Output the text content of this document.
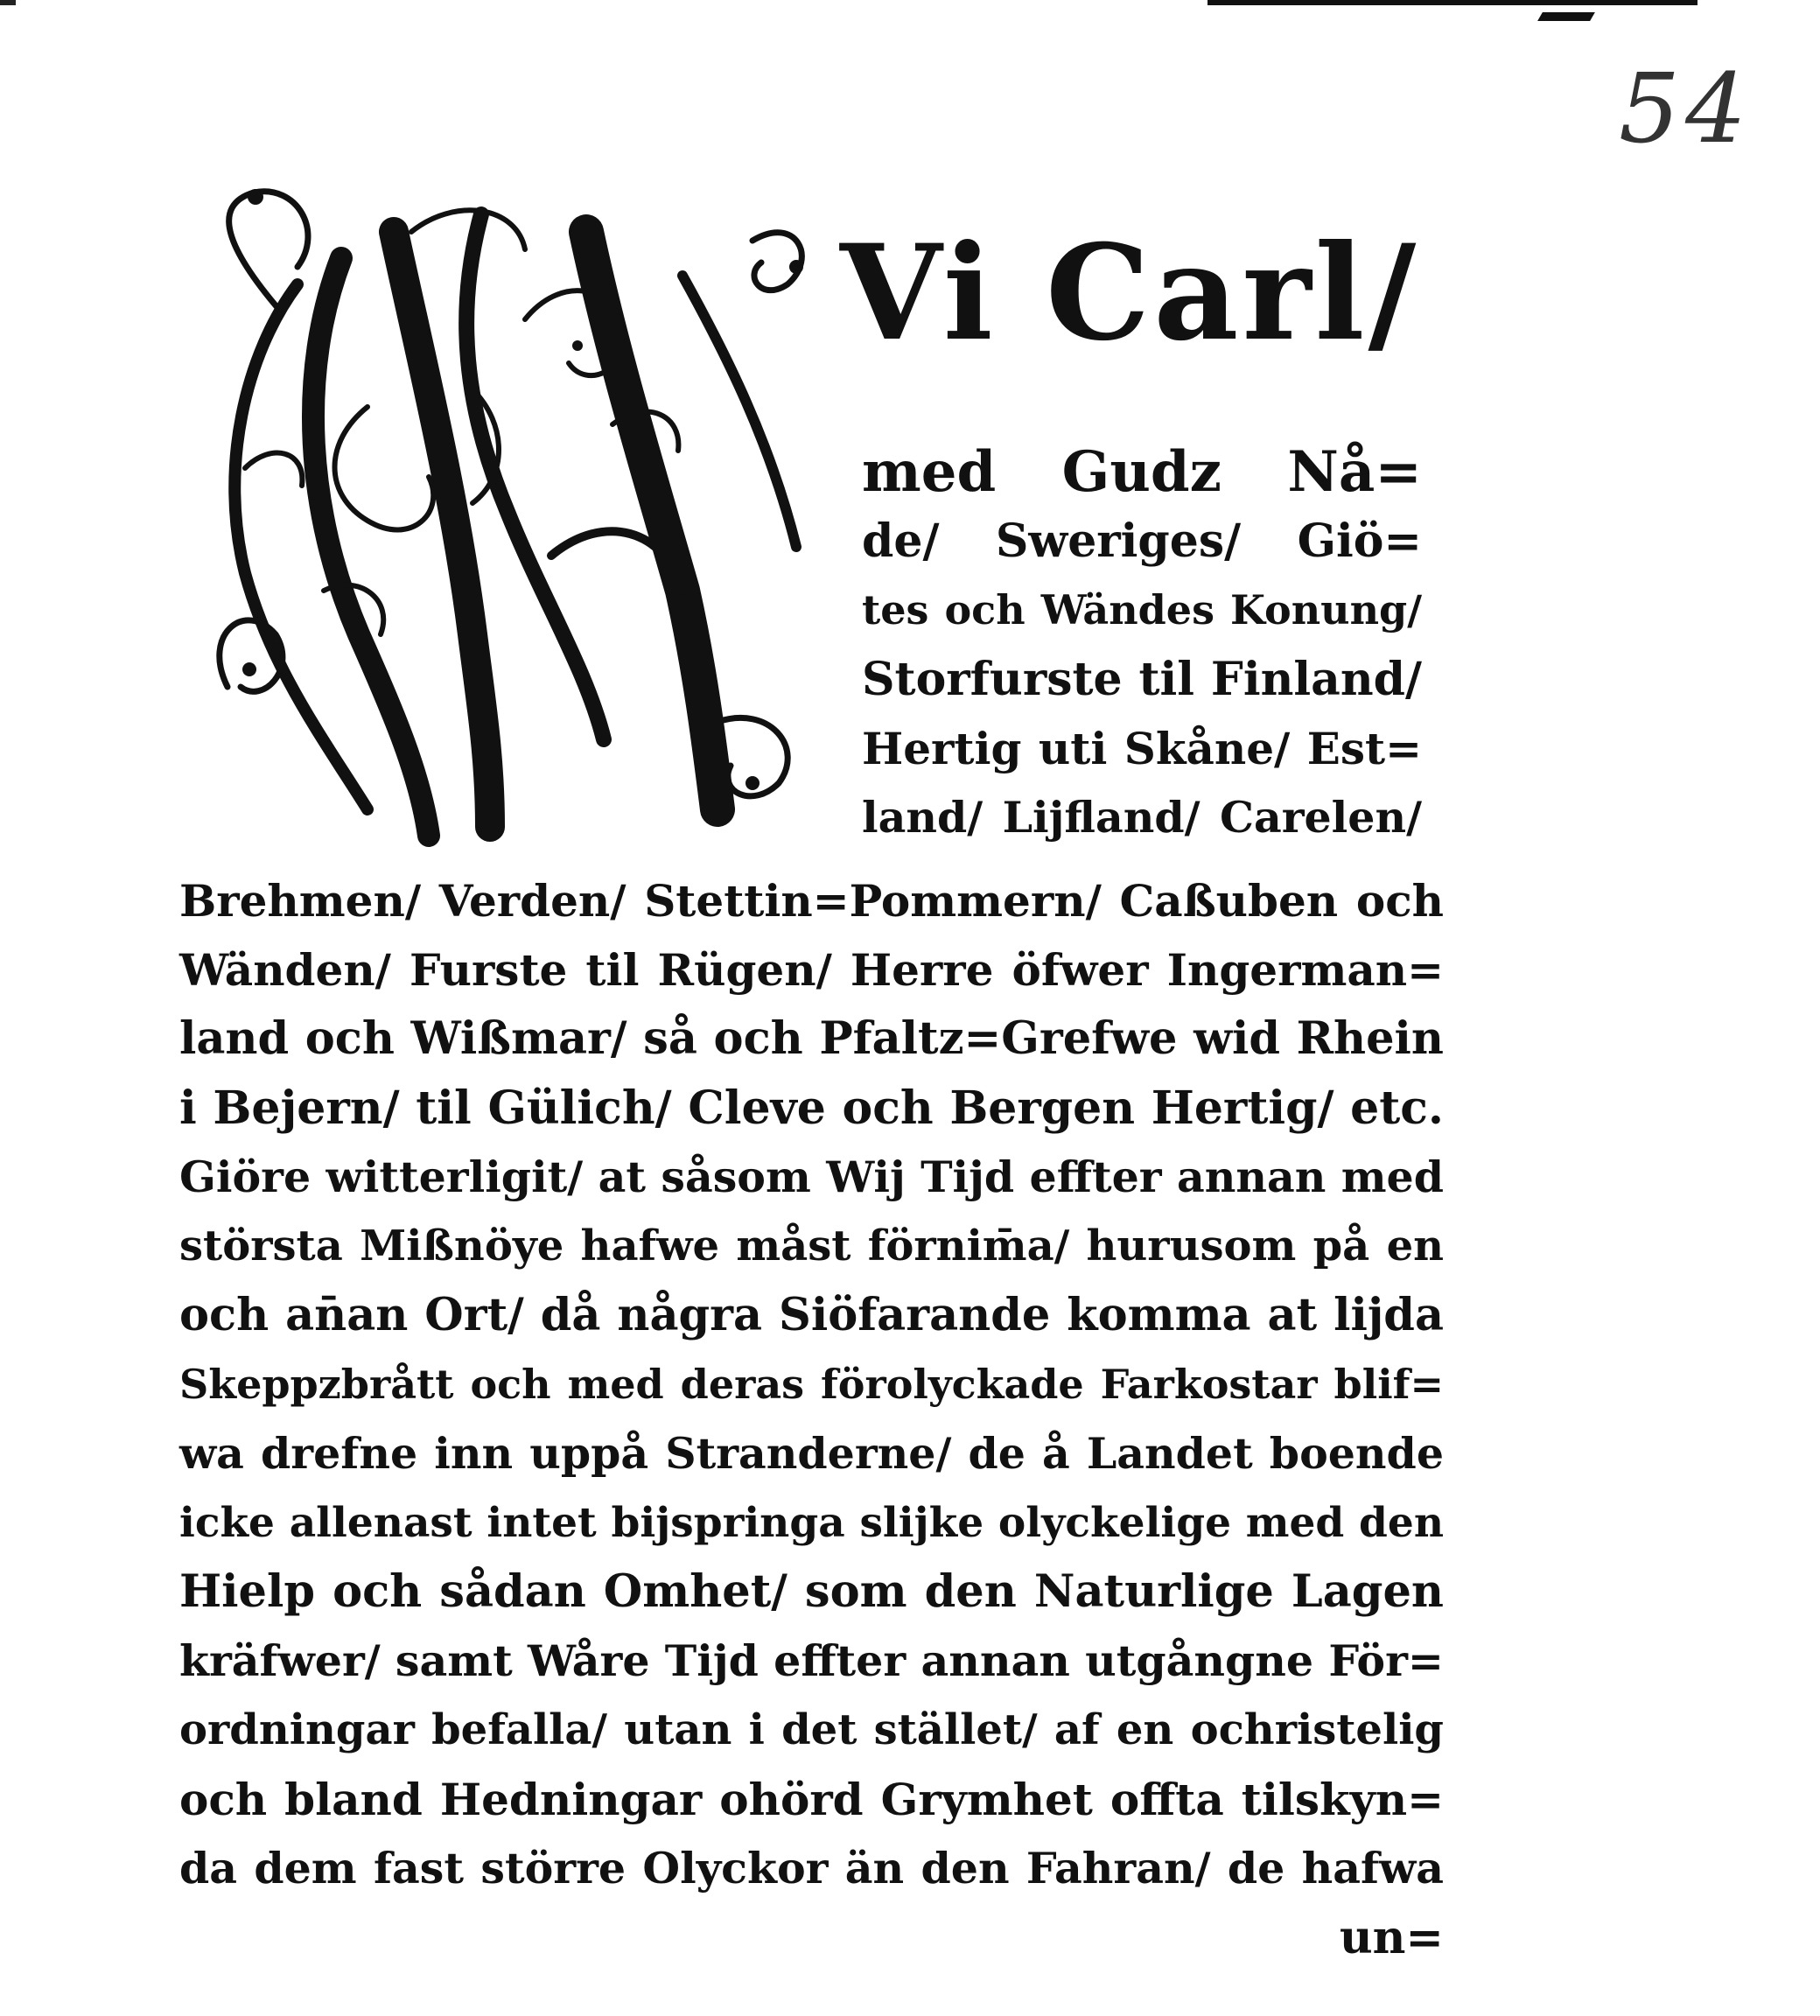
54
Vi Carl/
med Gudz Nå=
de/ Sweriges/ Giö=
tes och Wändes Konung/
Storfurste til Finland/
Hertig uti Skåne/ Est=
land/ Lijfland/ Carelen/
Brehmen/ Verden/ Stettin=Pommern/ Caßuben och
Wänden/ Furste til Rügen/ Herre öfwer Ingerman=
land och Wißmar/ så och Pfaltz=Grefwe wid Rhein
i Bejern/ til Gülich/ Cleve och Bergen Hertig/ etc.
Giöre witterligit/ at såsom Wij Tijd effter annan med
största Mißnöye hafwe måst förnim̄a/ hurusom på en
och an̄an Ort/ då några Siöfarande komma at lijda
Skeppzbrått och med deras förolyckade Farkostar blif=
wa drefne inn uppå Stranderne/ de å Landet boende
icke allenast intet bijspringa slijke olyckelige med den
Hielp och sådan Omhet/ som den Naturlige Lagen
kräfwer/ samt Wåre Tijd effter annan utgångne För=
ordningar befalla/ utan i det stället/ af en ochristelig
och bland Hedningar ohörd Grymhet offta tilskyn=
da dem fast större Olyckor än den Fahran/ de hafwa
un=
